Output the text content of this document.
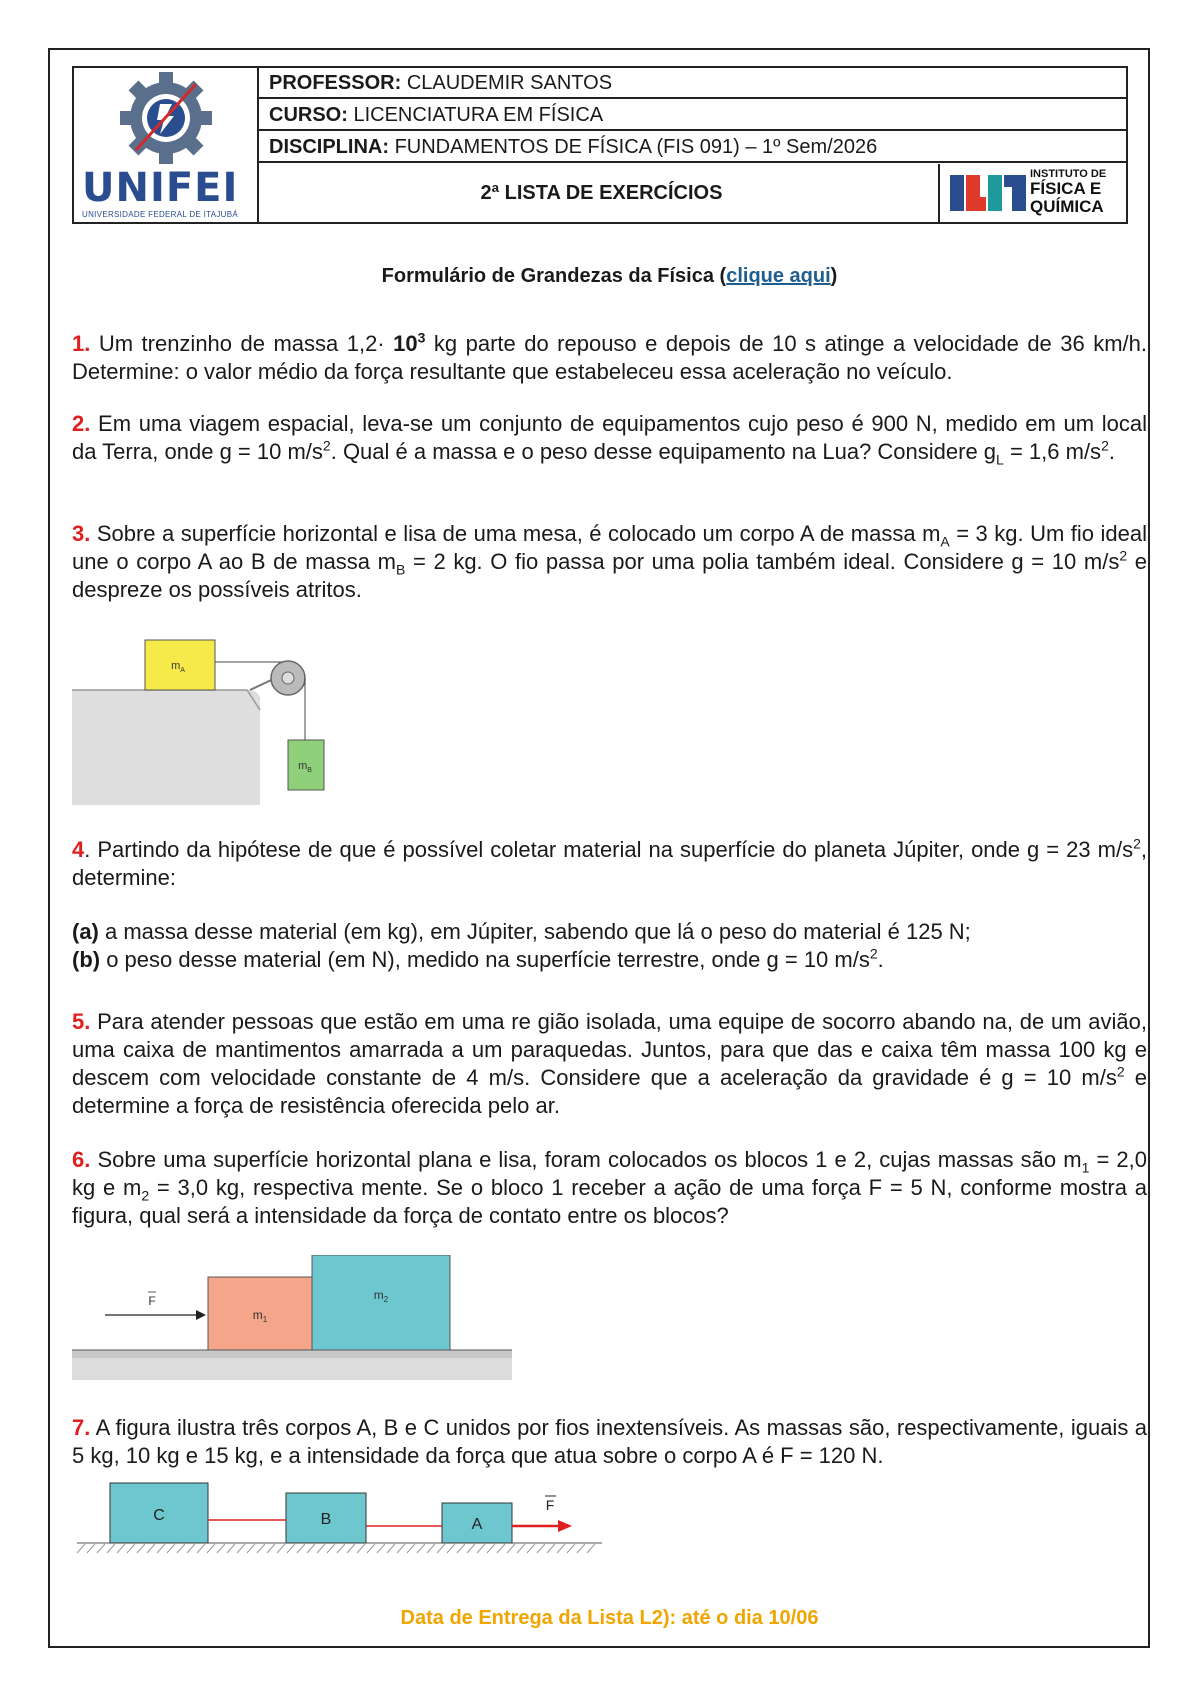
UNIFEI
UNIVERSIDADE FEDERAL DE ITAJUBÁ
PROFESSOR: CLAUDEMIR SANTOS
CURSO: LICENCIATURA EM FÍSICA
DISCIPLINA: FUNDAMENTOS DE FÍSICA (FIS 091) – 1º Sem/2026
2ª LISTA DE EXERCÍCIOS
INSTITUTO DE
FÍSICA E
QUÍMICA
Formulário de Grandezas da Física (clique aqui)
1. Um trenzinho de massa $1,2\cdot 10^3$ kg parte do repouso e depois de 10 s atinge a velocidade de 36 km/h. Determine: o valor médio da força resultante que estabeleceu essa aceleração no veículo.
2. Em uma viagem espacial, leva-se um conjunto de equipamentos cujo peso é 900 N, medido em um local da Terra, onde g = 10 $m/s^2$. Qual é a massa e o peso desse equipamento na Lua? Considere $g_L = 1,6$ $m/s^2$.
3. Sobre a superfície horizontal e lisa de uma mesa, é colocado um corpo A de massa $m_A = 3$ kg. Um fio ideal une o corpo A ao B de massa $m_B = 2$ kg. O fio passa por uma polia também ideal. Considere g = 10 $m/s^2$ e despreze os possíveis atritos.
$m_A$
$m_B$
4. Partindo da hipótese de que é possível coletar material na superfície do planeta Júpiter, onde g = 23 $m/s^2$, determine:
(a) a massa desse material (em kg), em Júpiter, sabendo que lá o peso do material é 125 N;
(b) o peso desse material (em N), medido na superfície terrestre, onde g = 10 $m/s^2$.
5. Para atender pessoas que estão em uma re gião isolada, uma equipe de socorro abando na, de um avião, uma caixa de mantimentos amarrada a um paraquedas. Juntos, para que das e caixa têm massa 100 kg e descem com velocidade constante de 4 m/s. Considere que a aceleração da gravidade é g = 10 $m/s^2$ e determine a força de resistência oferecida pelo ar.
6. Sobre uma superfície horizontal plana e lisa, foram colocados os blocos 1 e 2, cujas massas são $m_1 = 2,0$ kg e $m_2 = 3,0$ kg, respectiva mente. Se o bloco 1 receber a ação de uma força F = 5 N, conforme mostra a figura, qual será a intensidade da força de contato entre os blocos?
F
$m_1$
$m_2$
7. A figura ilustra três corpos A, B e C unidos por fios inextensíveis. As massas são, respectivamente, iguais a 5 kg, 10 kg e 15 kg, e a intensidade da força que atua sobre o corpo A é F = 120 N.
C	B	A
F
Data de Entrega da Lista L2): até o dia 10/06
